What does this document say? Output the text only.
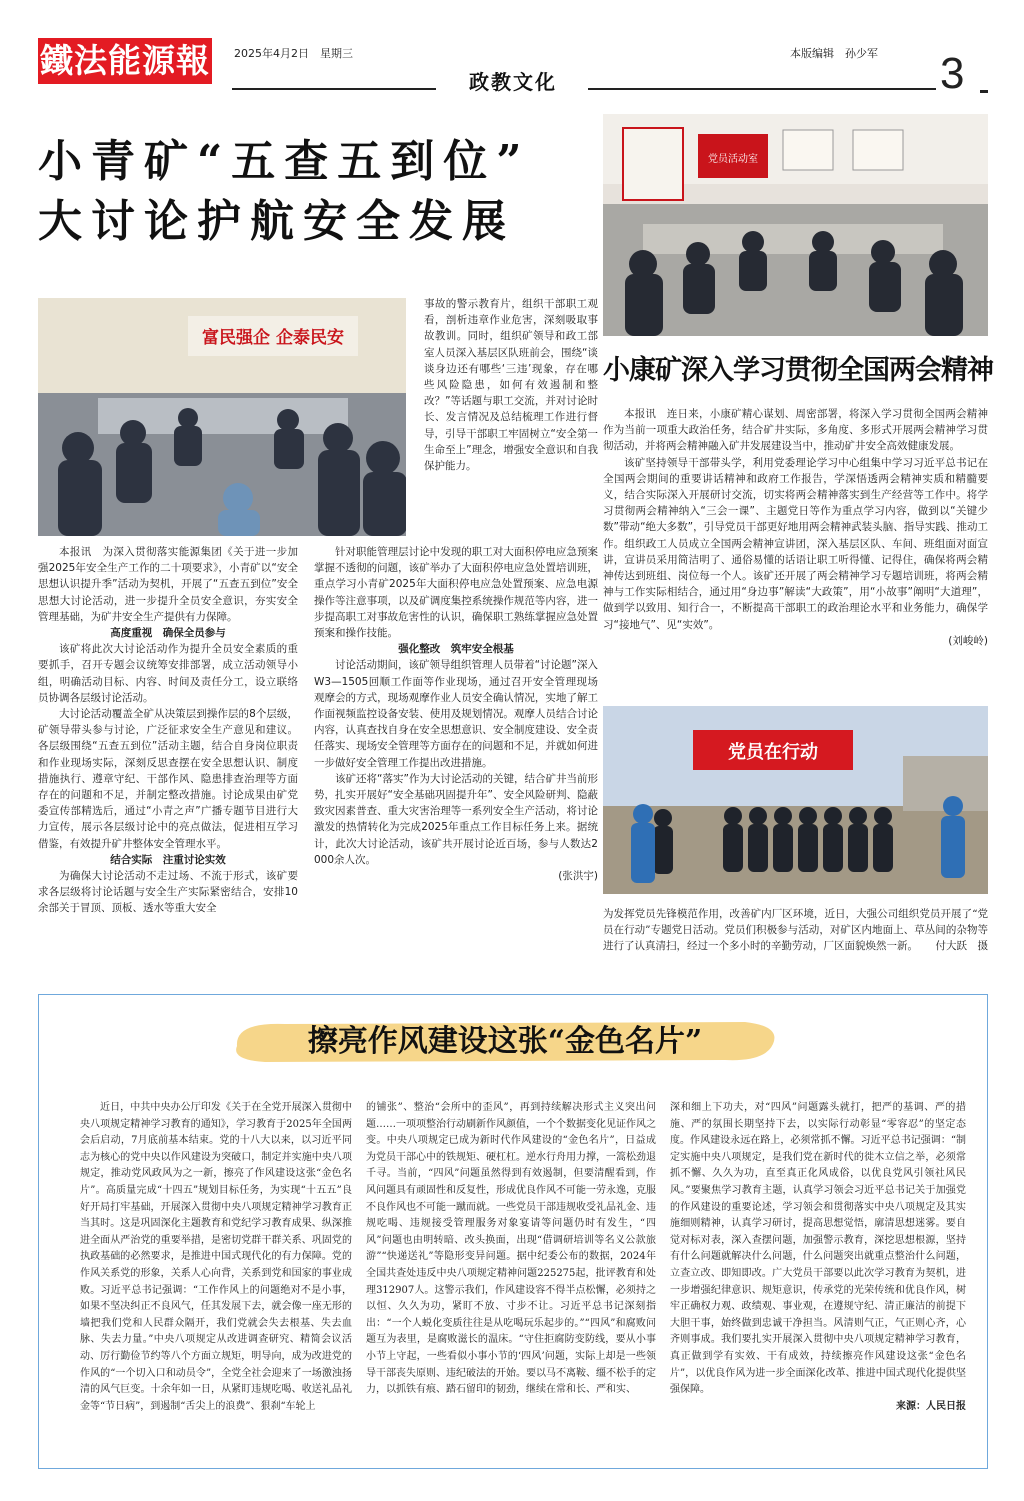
鐵法能源報 2025年4月2日　星期三	本版编辑　孙少军 3
政教文化
小青矿“五查五到位”
大讨论护航安全发展
富民强企 企泰民安

事故的警示教育片，组织干部职工观看，剖析违章作业危害，深刻吸取事故教训。同时，组织矿领导和政工部室人员深入基层区队班前会，围绕“谈谈身边还有哪些‘三违’现象，存在哪些风险隐患，如何有效遏制和整改？”等话题与职工交流，并对讨论时长、发言情况及总结梳理工作进行督导，引导干部职工牢固树立“安全第一 生命至上”理念，增强安全意识和自我保护能力。

本报讯　为深入贯彻落实能源集团《关于进一步加强2025年安全生产工作的二十项要求》，小青矿以“安全思想认识提升季”活动为契机，开展了“五查五到位”安全思想大讨论活动，进一步提升全员安全意识，夯实安全管理基础，为矿井安全生产提供有力保障。

高度重视　确保全员参与

该矿将此次大讨论活动作为提升全员安全素质的重要抓手，召开专题会议统筹安排部署，成立活动领导小组，明确活动目标、内容、时间及责任分工，设立联络员协调各层级讨论活动。

大讨论活动覆盖全矿从决策层到操作层的8个层级，矿领导带头参与讨论，广泛征求安全生产意见和建议。各层级围绕“五查五到位”活动主题，结合自身岗位职责和作业现场实际，深刻反思查摆在安全思想认识、制度措施执行、遵章守纪、干部作风、隐患排查治理等方面存在的问题和不足，并制定整改措施。讨论成果由矿党委宣传部精选后，通过“小青之声”广播专题节目进行大力宣传，展示各层级讨论中的亮点做法，促进相互学习借鉴，有效提升矿井整体安全管理水平。

结合实际　注重讨论实效

为确保大讨论活动不走过场、不流于形式，该矿要求各层级将讨论话题与安全生产实际紧密结合，安排10余部关于冒顶、顶板、透水等重大安全

针对职能管理层讨论中发现的职工对大面积停电应急预案掌握不透彻的问题，该矿举办了大面积停电应急处置培训班，重点学习小青矿2025年大面积停电应急处置预案、应急电源操作等注意事项，以及矿调度集控系统操作规范等内容，进一步提高职工对事故危害性的认识，确保职工熟练掌握应急处置预案和操作技能。

强化整改　筑牢安全根基

讨论活动期间，该矿领导组织管理人员带着“讨论题”深入W3—1505回顺工作面等作业现场，通过召开安全管理现场观摩会的方式，现场观摩作业人员安全确认情况，实地了解工作面视频监控设备安装、使用及规划情况。观摩人员结合讨论内容，认真查找自身在安全思想意识、安全制度建设、安全责任落实、现场安全管理等方面存在的问题和不足，并就如何进一步做好安全管理工作提出改进措施。

该矿还将“落实”作为大讨论活动的关键，结合矿井当前形势，扎实开展好“安全基础巩固提升年”、安全风险研判、隐蔽致灾因素普查、重大灾害治理等一系列安全生产活动，将讨论激发的热情转化为完成2025年重点工作目标任务上来。据统计，此次大讨论活动，该矿共开展讨论近百场，参与人数达2000余人次。

(张洪宇)

党员活动室
小康矿深入学习贯彻全国两会精神

本报讯　连日来，小康矿精心谋划、周密部署，将深入学习贯彻全国两会精神作为当前一项重大政治任务，结合矿井实际，多角度、多形式开展两会精神学习贯彻活动，并将两会精神融入矿井发展建设当中，推动矿井安全高效健康发展。

该矿坚持领导干部带头学，利用党委理论学习中心组集中学习习近平总书记在全国两会期间的重要讲话精神和政府工作报告，学深悟透两会精神实质和精髓要义，结合实际深入开展研讨交流，切实将两会精神落实到生产经营等工作中。将学习贯彻两会精神纳入“三会一课”、主题党日等作为重点学习内容，做到以“关键少数”带动“绝大多数”，引导党员干部更好地用两会精神武装头脑、指导实践、推动工作。组织政工人员成立全国两会精神宣讲团，深入基层区队、车间、班组面对面宣讲，宣讲员采用简洁明了、通俗易懂的话语让职工听得懂、记得住，确保将两会精神传达到班组、岗位每一个人。该矿还开展了两会精神学习专题培训班，将两会精神与工作实际相结合，通过用“身边事”解读“大政策”，用“小故事”阐明“大道理”，做到学以致用、知行合一，不断提高干部职工的政治理论水平和业务能力，确保学习“接地气”、见“实效”。

(刘峻岭)

党员在行动
为发挥党员先锋模范作用，改善矿内厂区环境，近日，大强公司组织党员开展了“党员在行动”专题党日活动。党员们积极参与活动，对矿区内地面上、草丛间的杂物等进行了认真清扫，经过一个多小时的辛勤劳动，厂区面貌焕然一新。 付大跃　摄
擦亮作风建设这张“金色名片”

近日，中共中央办公厅印发《关于在全党开展深入贯彻中央八项规定精神学习教育的通知》，学习教育于2025年全国两会后启动，7月底前基本结束。党的十八大以来，以习近平同志为核心的党中央以作风建设为突破口，制定并实施中央八项规定，推动党风政风为之一新，擦亮了作风建设这张“金色名片”。高质量完成“十四五”规划目标任务，为实现“十五五”良好开局打牢基础，开展深入贯彻中央八项规定精神学习教育正当其时。这是巩固深化主题教育和党纪学习教育成果、纵深推进全面从严治党的重要举措，是密切党群干群关系、巩固党的执政基础的必然要求，是推进中国式现代化的有力保障。党的作风关系党的形象，关系人心向背，关系到党和国家的事业成败。习近平总书记强调：“工作作风上的问题绝对不是小事，如果不坚决纠正不良风气，任其发展下去，就会像一座无形的墙把我们党和人民群众隔开，我们党就会失去根基、失去血脉、失去力量。”中央八项规定从改进调查研究、精简会议活动、厉行勤俭节约等八个方面立规矩，明导向，成为改进党的作风的“一个切入口和动员令”，全党全社会迎来了一场激浊扬清的风气巨变。十余年如一日，从紧盯违规吃喝、收送礼品礼金等“节日病”，到遏制“舌尖上的浪费”、狠刹“车轮上

的铺张”、整治“会所中的歪风”，再到持续解决形式主义突出问题……一项项整治行动刷新作风颜值，一个个数据变化见证作风之变。中央八项规定已成为新时代作风建设的“金色名片”，日益成为党员干部心中的铁规矩、硬杠杠。逆水行舟用力撑，一篙松劲退千寻。当前，“四风”问题虽然得到有效遏制，但要清醒看到，作风问题具有顽固性和反复性，形成优良作风不可能一劳永逸，克服不良作风也不可能一蹴而就。一些党员干部违规收受礼品礼金、违规吃喝、违规接受管理服务对象宴请等问题仍时有发生，“四风”问题也由明转暗、改头换面，出现“借调研培训等名义公款旅游”“快递送礼”等隐形变异问题。据中纪委公布的数据，2024年全国共查处违反中央八项规定精神问题225275起，批评教育和处理312907人。这警示我们，作风建设容不得半点松懈，必须持之以恒、久久为功，紧盯不放、寸步不让。习近平总书记深刻指出：“一个人蜕化变质往往是从吃喝玩乐起步的。”“四风”和腐败问题互为表里，是腐败滋长的温床。“守住拒腐防变防线，要从小事小节上守起，一些看似小事小节的‘四风’问题，实际上却是一些领导干部丧失原则、违纪破法的开始。要以马不离鞍、缰不松手的定力，以抓铁有痕、踏石留印的韧劲，继续在常和长、严和实、

深和细上下功夫，对“四风”问题露头就打，把严的基调、严的措施、严的氛围长期坚持下去，以实际行动彰显“零容忍”的坚定态度。作风建设永远在路上，必须常抓不懈。习近平总书记强调：“制定实施中央八项规定，是我们党在新时代的徙木立信之举，必须常抓不懈、久久为功，直至真正化风成俗，以优良党风引领社风民风。”要聚焦学习教育主题，认真学习领会习近平总书记关于加强党的作风建设的重要论述，学习领会和贯彻落实中央八项规定及其实施细则精神，认真学习研讨，提高思想觉悟，廓清思想迷雾。要自觉对标对表，深入查摆问题，加强警示教育，深挖思想根源，坚持有什么问题就解决什么问题，什么问题突出就重点整治什么问题，立查立改、即知即改。广大党员干部要以此次学习教育为契机，进一步增强纪律意识、规矩意识，传承党的光荣传统和优良作风，树牢正确权力观、政绩观、事业观，在遵规守纪、清正廉洁的前提下大胆干事，始终做到忠诚干净担当。风清则气正，气正则心齐，心齐则事成。我们要扎实开展深入贯彻中央八项规定精神学习教育，真正做到学有实效、干有成效，持续擦亮作风建设这张“金色名片”，以优良作风为进一步全面深化改革、推进中国式现代化提供坚强保障。

来源：人民日报
